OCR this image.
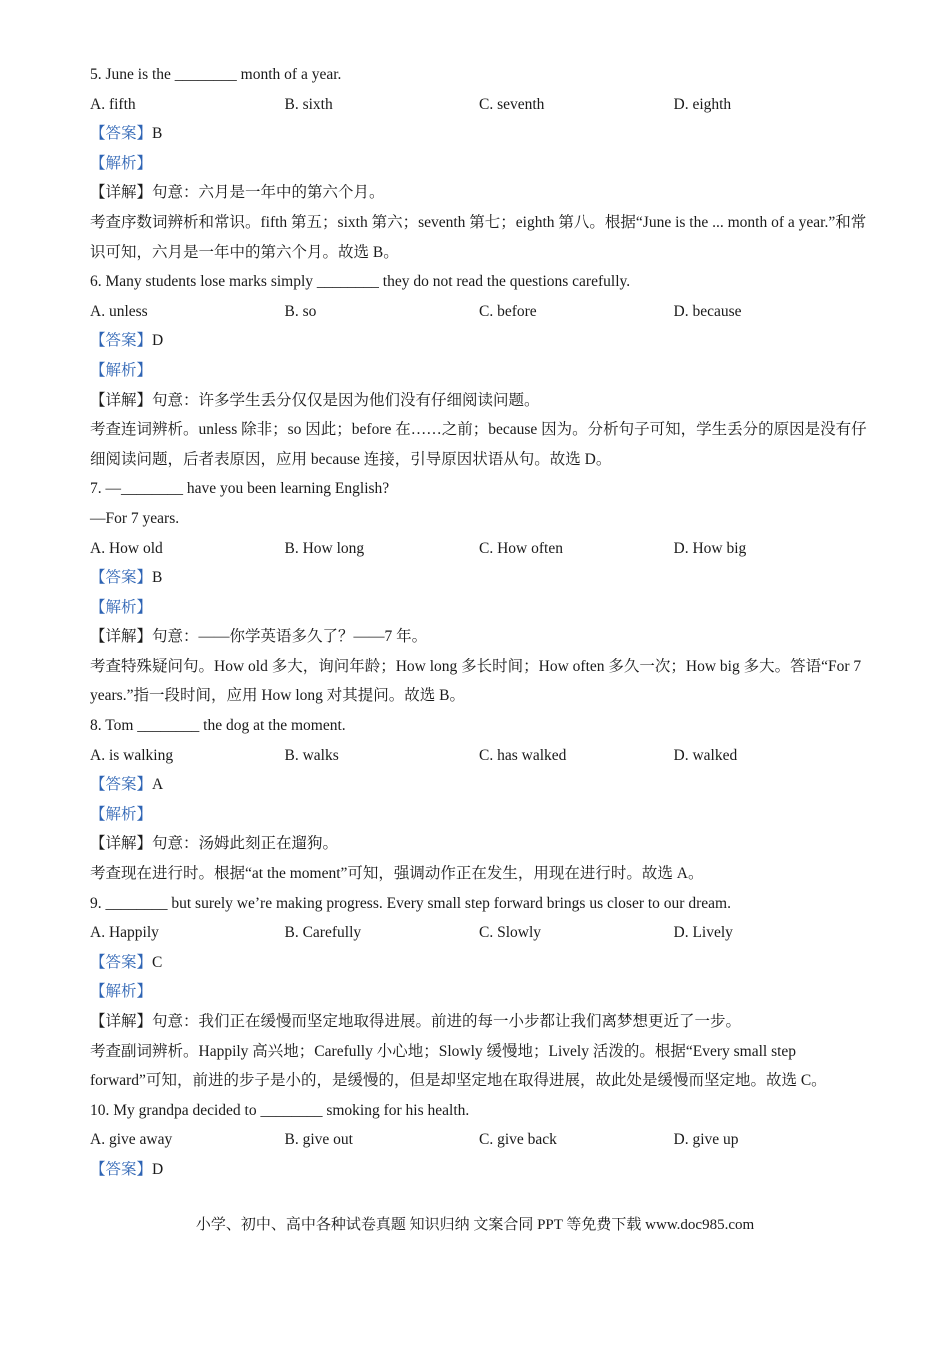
5. June is the ________ month of a year.
A. fifth	B. sixth	C. seventh	D. eighth
【答案】B
【解析】
【详解】句意：六月是一年中的第六个月。
考查序数词辨析和常识。fifth 第五；sixth 第六；seventh 第七；eighth 第八。根据“June is the ... month of a year.”和常识可知，六月是一年中的第六个月。故选 B。
6. Many students lose marks simply ________ they do not read the questions carefully.
A. unless	B. so	C. before	D. because
【答案】D
【解析】
【详解】句意：许多学生丢分仅仅是因为他们没有仔细阅读问题。
考查连词辨析。unless 除非；so 因此；before 在……之前；because 因为。分析句子可知，学生丢分的原因是没有仔细阅读问题，后者表原因，应用 because 连接，引导原因状语从句。故选 D。
7. —________ have you been learning English?
—For 7 years.
A. How old	B. How long	C. How often	D. How big
【答案】B
【解析】
【详解】句意：——你学英语多久了？——7 年。
考查特殊疑问句。How old 多大，询问年龄；How long 多长时间；How often 多久一次；How big 多大。答语“For 7 years.”指一段时间，应用 How long 对其提问。故选 B。
8. Tom ________ the dog at the moment.
A. is walking	B. walks	C. has walked	D. walked
【答案】A
【解析】
【详解】句意：汤姆此刻正在遛狗。
考查现在进行时。根据“at the moment”可知，强调动作正在发生，用现在进行时。故选 A。
9. ________ but surely we’re making progress. Every small step forward brings us closer to our dream.
A. Happily	B. Carefully	C. Slowly	D. Lively
【答案】C
【解析】
【详解】句意：我们正在缓慢而坚定地取得进展。前进的每一小步都让我们离梦想更近了一步。
考查副词辨析。Happily 高兴地；Carefully 小心地；Slowly 缓慢地；Lively 活泼的。根据“Every small step forward”可知，前进的步子是小的，是缓慢的，但是却坚定地在取得进展，故此处是缓慢而坚定地。故选 C。
10. My grandpa decided to ________ smoking for his health.
A. give away	B. give out	C. give back	D. give up
【答案】D
小学、初中、高中各种试卷真题 知识归纳 文案合同 PPT 等免费下载 www.doc985.com
